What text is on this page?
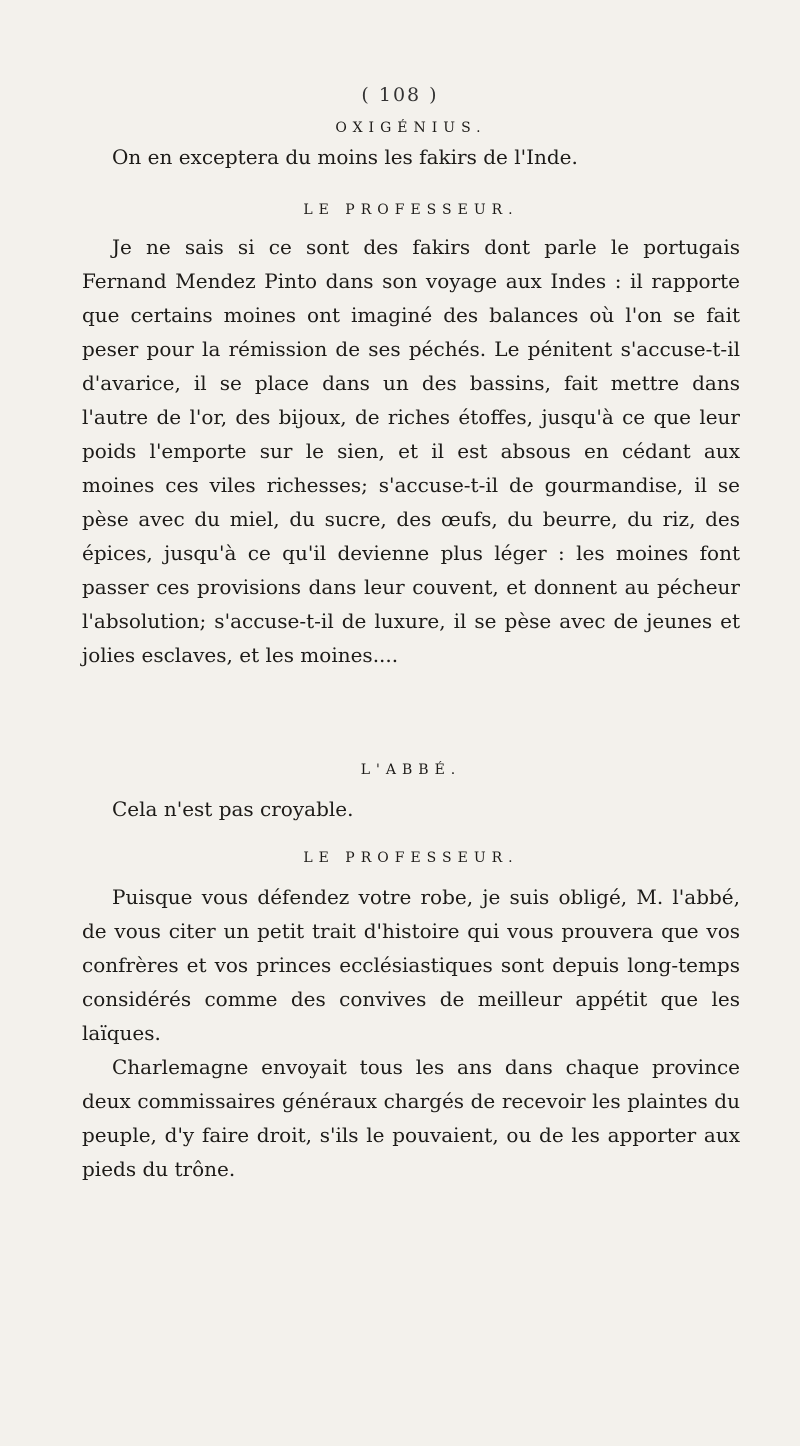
( 108 )

OXIGÉNIUS.

On en exceptera du moins les fakirs de l'Inde.

LE PROFESSEUR.

Je ne sais si ce sont des fakirs dont parle le portugais Fernand Mendez Pinto dans son voyage aux Indes : il rapporte que certains moines ont imaginé des balances où l'on se fait peser pour la rémission de ses péchés. Le pénitent s'accuse-t-il d'avarice, il se place dans un des bassins, fait mettre dans l'autre de l'or, des bijoux, de riches étoffes, jusqu'à ce que leur poids l'emporte sur le sien, et il est absous en cédant aux moines ces viles richesses; s'accuse-t-il de gourmandise, il se pèse avec du miel, du sucre, des œufs, du beurre, du riz, des épices, jusqu'à ce qu'il devienne plus léger : les moines font passer ces provisions dans leur couvent, et donnent au pécheur l'absolution; s'accuse-t-il de luxure, il se pèse avec de jeunes et jolies esclaves, et les moines....

L'ABBÉ.

Cela n'est pas croyable.

LE PROFESSEUR.

Puisque vous défendez votre robe, je suis obligé, M. l'abbé, de vous citer un petit trait d'histoire qui vous prouvera que vos confrères et vos princes ecclésiastiques sont depuis long-temps considérés comme des convives de meilleur appétit que les laïques.

Charlemagne envoyait tous les ans dans chaque province deux commissaires généraux chargés de recevoir les plaintes du peuple, d'y faire droit, s'ils le pouvaient, ou de les apporter aux pieds du trône.
